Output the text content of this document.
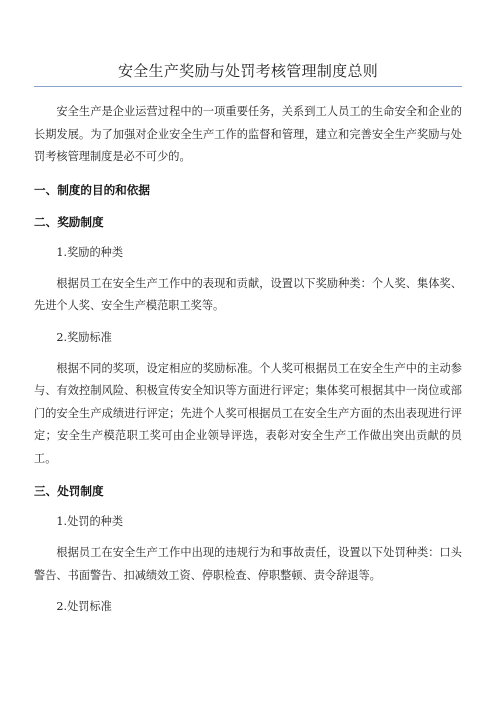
安全生产奖励与处罚考核管理制度总则

安全生产是企业运营过程中的一项重要任务，关系到工人员工的生命安全和企业的长期发展。为了加强对企业安全生产工作的监督和管理，建立和完善安全生产奖励与处罚考核管理制度是必不可少的。

一、制度的目的和依据
二、奖励制度
1.奖励的种类

根据员工在安全生产工作中的表现和贡献，设置以下奖励种类：个人奖、集体奖、先进个人奖、安全生产模范职工奖等。

2.奖励标准

根据不同的奖项，设定相应的奖励标准。个人奖可根据员工在安全生产中的主动参与、有效控制风险、积极宣传安全知识等方面进行评定；集体奖可根据其中一岗位或部门的安全生产成绩进行评定；先进个人奖可根据员工在安全生产方面的杰出表现进行评定；安全生产模范职工奖可由企业领导评选，表彰对安全生产工作做出突出贡献的员工。

三、处罚制度
1.处罚的种类

根据员工在安全生产工作中出现的违规行为和事故责任，设置以下处罚种类：口头警告、书面警告、扣减绩效工资、停职检查、停职整顿、责令辞退等。

2.处罚标准
